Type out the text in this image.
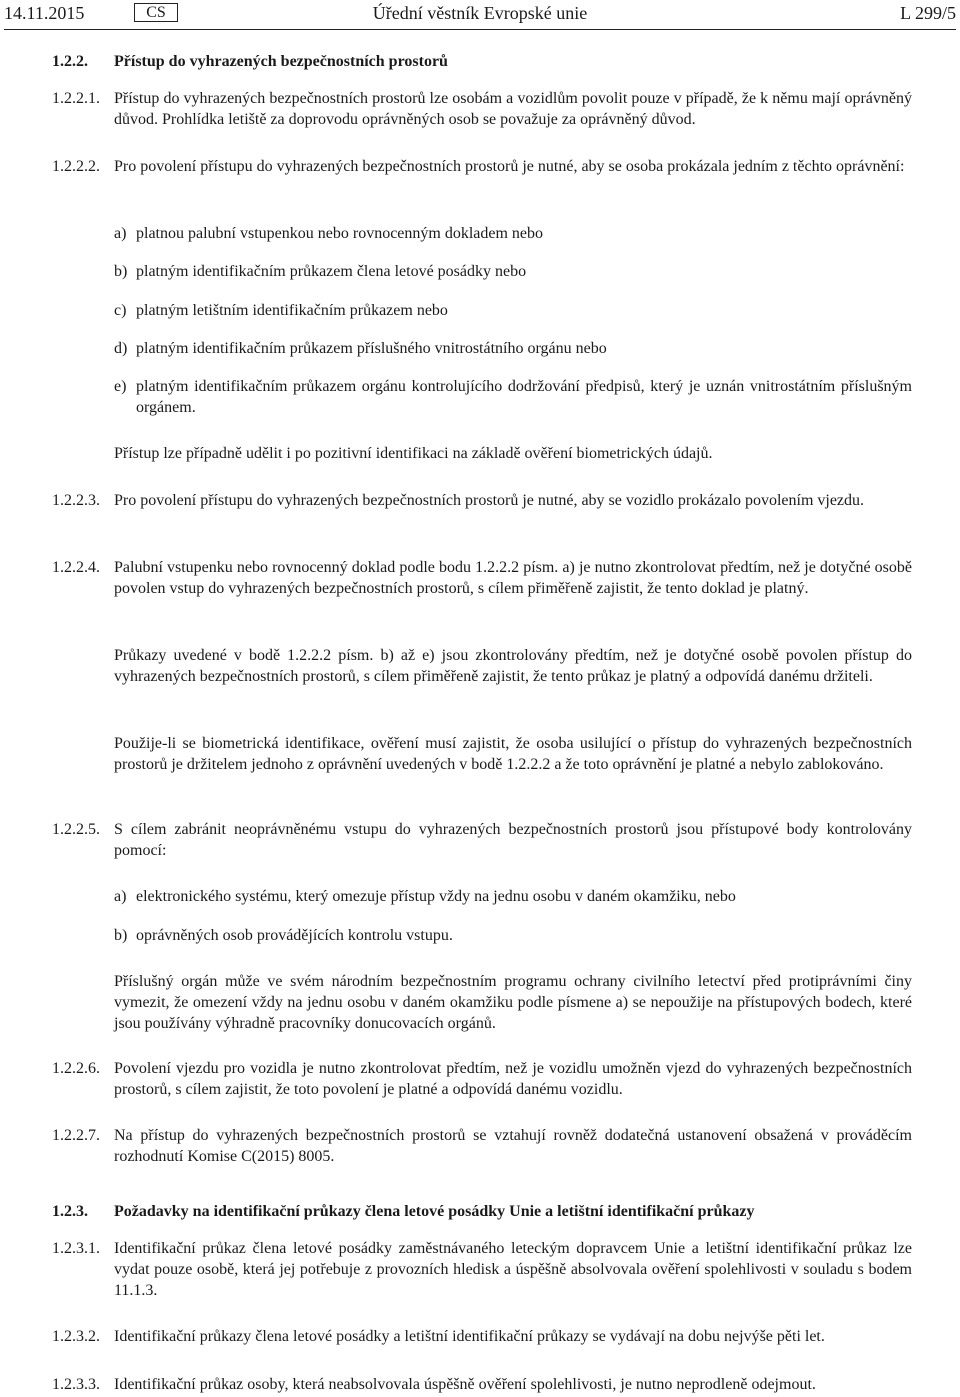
14.11.2015	CS	Úřední věstník Evropské unie	L 299/5
1.2.2.	Přístup do vyhrazených bezpečnostních prostorů
1.2.2.1. Přístup do vyhrazených bezpečnostních prostorů lze osobám a vozidlům povolit pouze v případě, že k němu mají oprávněný důvod. Prohlídka letiště za doprovodu oprávněných osob se považuje za oprávněný důvod.
1.2.2.2. Pro povolení přístupu do vyhrazených bezpečnostních prostorů je nutné, aby se osoba prokázala jedním z těchto oprávnění:
a) platnou palubní vstupenkou nebo rovnocenným dokladem nebo
b) platným identifikačním průkazem člena letové posádky nebo
c) platným letištním identifikačním průkazem nebo
d) platným identifikačním průkazem příslušného vnitrostátního orgánu nebo
e) platným identifikačním průkazem orgánu kontrolujícího dodržování předpisů, který je uznán vnitrostátním příslušným orgánem.
Přístup lze případně udělit i po pozitivní identifikaci na základě ověření biometrických údajů.
1.2.2.3. Pro povolení přístupu do vyhrazených bezpečnostních prostorů je nutné, aby se vozidlo prokázalo povolením vjezdu.
1.2.2.4. Palubní vstupenku nebo rovnocenný doklad podle bodu 1.2.2.2 písm. a) je nutno zkontrolovat předtím, než je dotyčné osobě povolen vstup do vyhrazených bezpečnostních prostorů, s cílem přiměřeně zajistit, že tento doklad je platný.
Průkazy uvedené v bodě 1.2.2.2 písm. b) až e) jsou zkontrolovány předtím, než je dotyčné osobě povolen přístup do vyhrazených bezpečnostních prostorů, s cílem přiměřeně zajistit, že tento průkaz je platný a odpovídá danému držiteli.
Použije-li se biometrická identifikace, ověření musí zajistit, že osoba usilující o přístup do vyhrazených bezpečnostních prostorů je držitelem jednoho z oprávnění uvedených v bodě 1.2.2.2 a že toto oprávnění je platné a nebylo zablokováno.
1.2.2.5. S cílem zabránit neoprávněnému vstupu do vyhrazených bezpečnostních prostorů jsou přístupové body kontrolovány pomocí:
a) elektronického systému, který omezuje přístup vždy na jednu osobu v daném okamžiku, nebo
b) oprávněných osob provádějících kontrolu vstupu.
Příslušný orgán může ve svém národním bezpečnostním programu ochrany civilního letectví před protiprávními činy vymezit, že omezení vždy na jednu osobu v daném okamžiku podle písmene a) se nepoužije na přístupových bodech, které jsou používány výhradně pracovníky donucovacích orgánů.
1.2.2.6. Povolení vjezdu pro vozidla je nutno zkontrolovat předtím, než je vozidlu umožněn vjezd do vyhrazených bezpečnostních prostorů, s cílem zajistit, že toto povolení je platné a odpovídá danému vozidlu.
1.2.2.7. Na přístup do vyhrazených bezpečnostních prostorů se vztahují rovněž dodatečná ustanovení obsažená v prováděcím rozhodnutí Komise C(2015) 8005.
1.2.3.	Požadavky na identifikační průkazy člena letové posádky Unie a letištní identifikační průkazy
1.2.3.1. Identifikační průkaz člena letové posádky zaměstnávaného leteckým dopravcem Unie a letištní identifikační průkaz lze vydat pouze osobě, která jej potřebuje z provozních hledisk a úspěšně absolvovala ověření spolehlivosti v souladu s bodem 11.1.3.
1.2.3.2. Identifikační průkazy člena letové posádky a letištní identifikační průkazy se vydávají na dobu nejvýše pěti let.
1.2.3.3. Identifikační průkaz osoby, která neabsolvovala úspěšně ověření spolehlivosti, je nutno neprodleně odejmout.
